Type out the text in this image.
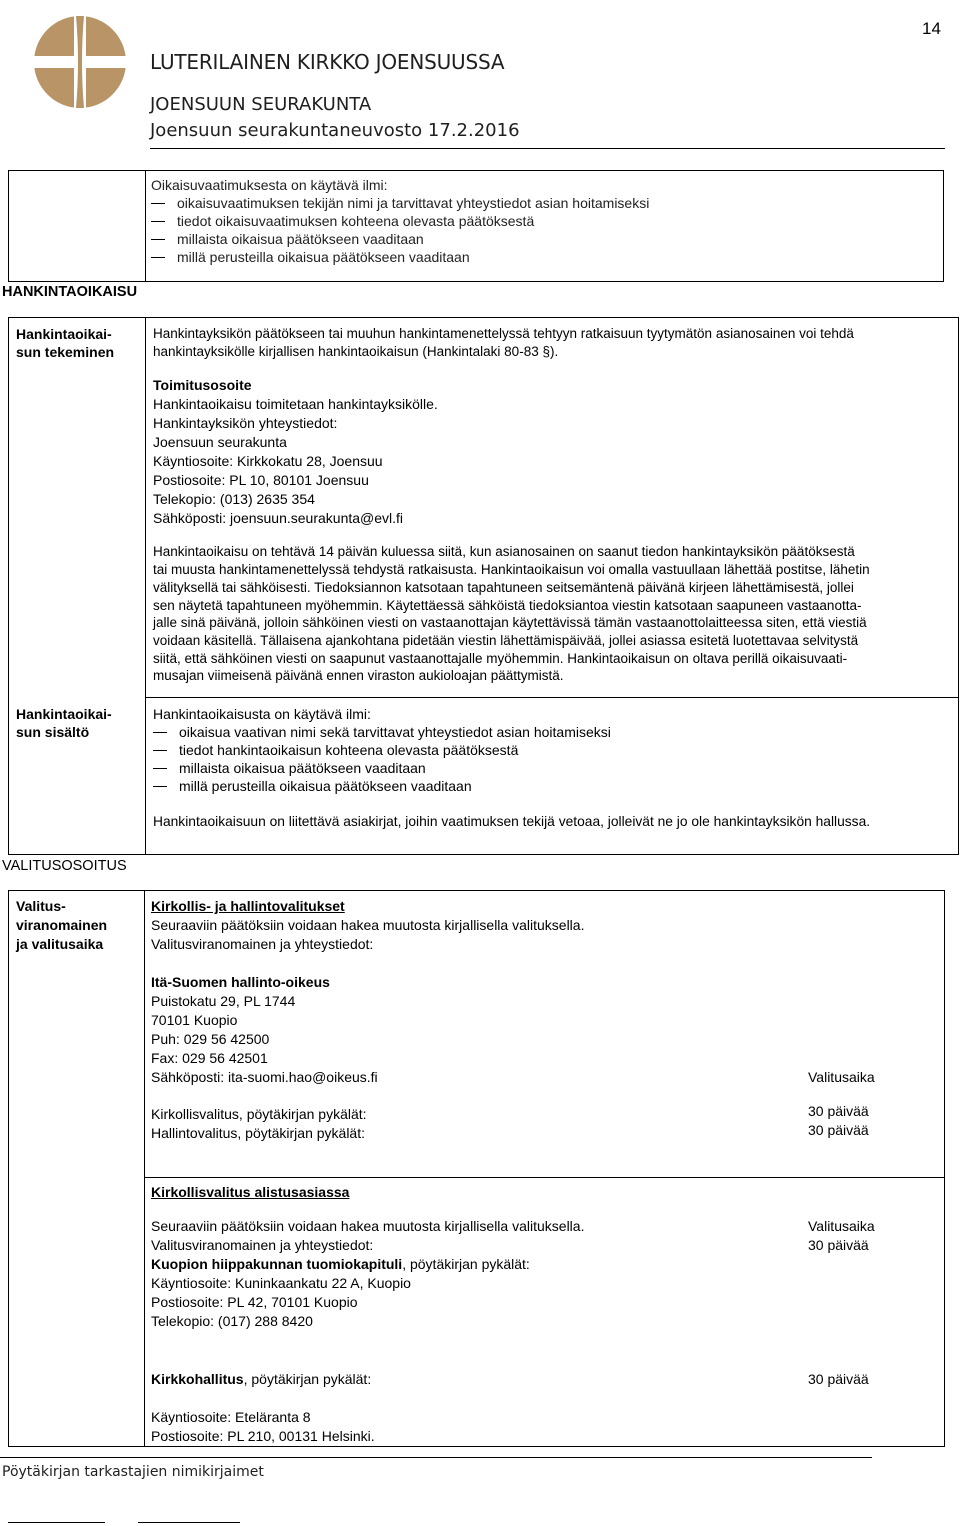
LUTERILAINEN KIRKKO JOENSUUSSA
JOENSUUN SEURAKUNTA
Joensuun seurakuntaneuvosto 17.2.2016
14
Oikaisuvaatimuksesta on käytävä ilmi:
oikaisuvaatimuksen tekijän nimi ja tarvittavat yhteystiedot asian hoitamiseksi
tiedot oikaisuvaatimuksen kohteena olevasta päätöksestä
millaista oikaisua päätökseen vaaditaan
millä perusteilla oikaisua päätökseen vaaditaan
HANKINTAOIKAISU
Hankintaoikai-
sun tekeminen
Hankintayksikön päätökseen tai muuhun hankintamenettelyssä tehtyyn ratkaisuun tyytymätön asianosainen voi tehdä
hankintayksikölle kirjallisen hankintaoikaisun (Hankintalaki 80-83 §).
Toimitusosoite
Hankintaoikaisu toimitetaan hankintayksikölle.
Hankintayksikön yhteystiedot:
Joensuun seurakunta
Käyntiosoite: Kirkkokatu 28, Joensuu
Postiosoite: PL 10, 80101 Joensuu
Telekopio: (013) 2635 354
Sähköposti: joensuun.seurakunta@evl.fi
Hankintaoikaisu on tehtävä 14 päivän kuluessa siitä, kun asianosainen on saanut tiedon hankintayksikön päätöksestä
tai muusta hankintamenettelyssä tehdystä ratkaisusta. Hankintaoikaisun voi omalla vastuullaan lähettää postitse, lähetin
välityksellä tai sähköisesti. Tiedoksiannon katsotaan tapahtuneen seitsemäntenä päivänä kirjeen lähettämisestä, jollei
sen näytetä tapahtuneen myöhemmin. Käytettäessä sähköistä tiedoksiantoa viestin katsotaan saapuneen vastaanotta-
jalle sinä päivänä, jolloin sähköinen viesti on vastaanottajan käytettävissä tämän vastaanottolaitteessa siten, että viestiä
voidaan käsitellä. Tällaisena ajankohtana pidetään viestin lähettämispäivää, jollei asiassa esitetä luotettavaa selvitystä
siitä, että sähköinen viesti on saapunut vastaanottajalle myöhemmin. Hankintaoikaisun on oltava perillä oikaisuvaati-
musajan viimeisenä päivänä ennen viraston aukioloajan päättymistä.
Hankintaoikai-
sun sisältö
Hankintaoikaisusta on käytävä ilmi:
oikaisua vaativan nimi sekä tarvittavat yhteystiedot asian hoitamiseksi
tiedot hankintaoikaisun kohteena olevasta päätöksestä
millaista oikaisua päätökseen vaaditaan
millä perusteilla oikaisua päätökseen vaaditaan
Hankintaoikaisuun on liitettävä asiakirjat, joihin vaatimuksen tekijä vetoaa, jolleivät ne jo ole hankintayksikön hallussa.
VALITUSOSOITUS
Valitus-
viranomainen
ja valitusaika
Kirkollis- ja hallintovalitukset
Seuraaviin päätöksiin voidaan hakea muutosta kirjallisella valituksella.
Valitusviranomainen ja yhteystiedot:
Itä-Suomen hallinto-oikeus
Puistokatu 29, PL 1744
70101 Kuopio
Puh: 029 56 42500
Fax: 029 56 42501
Sähköposti: ita-suomi.hao@oikeus.fi	Valitusaika
Kirkollisvalitus, pöytäkirjan pykälät:	30 päivää
Hallintovalitus, pöytäkirjan pykälät:	30 päivää
Kirkollisvalitus alistusasiassa
Seuraaviin päätöksiin voidaan hakea muutosta kirjallisella valituksella.	Valitusaika
Valitusviranomainen ja yhteystiedot:	30 päivää
Kuopion hiippakunnan tuomiokapituli, pöytäkirjan pykälät:
Käyntiosoite: Kuninkaankatu 22 A, Kuopio
Postiosoite: PL 42, 70101 Kuopio
Telekopio: (017) 288 8420
Kirkkohallitus, pöytäkirjan pykälät:	30 päivää
Käyntiosoite: Eteläranta 8
Postiosoite: PL 210, 00131 Helsinki.
Pöytäkirjan tarkastajien nimikirjaimet
